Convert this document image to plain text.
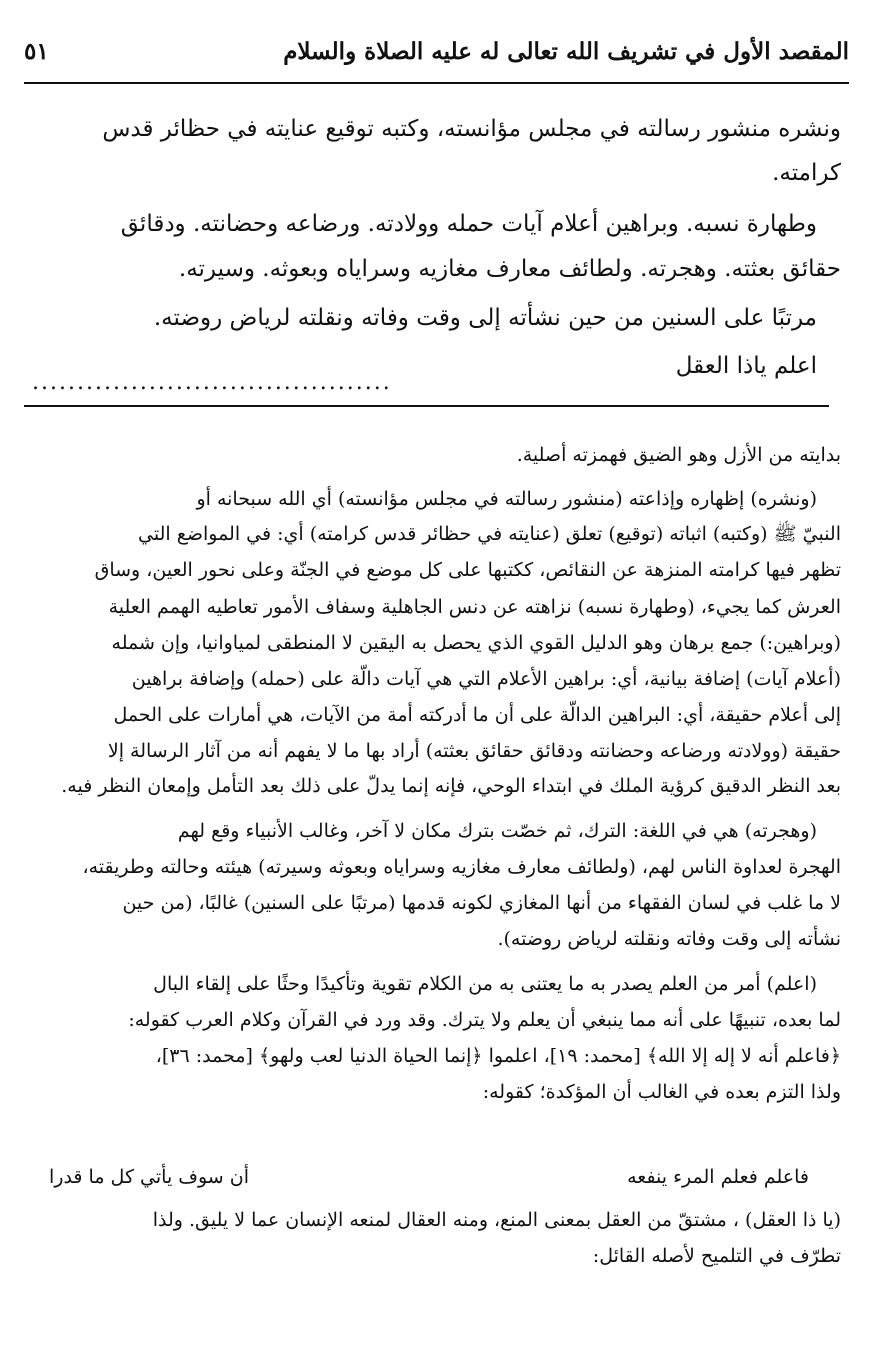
المقصد الأول في تشريف الله تعالى له عليه الصلاة والسلام
٥١
ونشره منشور رسالته في مجلس مؤانسته، وكتبه توقيع عنايته في حظائر قدس
كرامته.
وطهارة نسبه. وبراهين أعلام آيات حمله وولادته. ورضاعه وحضانته. ودقائق
حقائق بعثته. وهجرته. ولطائف معارف مغازيه وسراياه وبعوثه. وسيرته.
مرتبًا على السنين من حين نشأته إلى وقت وفاته ونقلته لرياض روضته.
اعلم ياذا العقل
........................................
بدايته من الأزل وهو الضيق فهمزته أصلية.
(ونشره) إظهاره وإذاعته (منشور رسالته في مجلس مؤانسته) أي الله سبحانه أو
النبيّ ﷺ (وكتبه) اثباته (توقيع) تعلق (عنايته في حظائر قدس كرامته) أي: في المواضع التي
تظهر فيها كرامته المنزهة عن النقائص، ككتبها على كل موضع في الجنّة وعلى نحور العين، وساق
العرش كما يجيء، (وطهارة نسبه) نزاهته عن دنس الجاهلية وسفاف الأمور تعاطيه الهمم العلية
(وبراهين:) جمع برهان وهو الدليل القوي الذي يحصل به اليقين لا المنطقى لمياوانيا، وإن شمله
(أعلام آيات) إضافة بيانية، أي: براهين الأعلام التي هي آيات دالّة على (حمله) وإضافة براهين
إلى أعلام حقيقة، أي: البراهين الدالّة على أن ما أدركته أمة من الآيات، هي أمارات على الحمل
حقيقة (وولادته ورضاعه وحضانته ودقائق حقائق بعثته) أراد بها ما لا يفهم أنه من آثار الرسالة إلا
بعد النظر الدقيق كرؤية الملك في ابتداء الوحي، فإنه إنما يدلّ على ذلك بعد التأمل وإمعان النظر فيه.
(وهجرته) هي في اللغة: الترك، ثم خصّت بترك مكان لا آخر، وغالب الأنبياء وقع لهم
الهجرة لعداوة الناس لهم، (ولطائف معارف مغازيه وسراياه وبعوثه وسيرته) هيئته وحالته وطريقته،
لا ما غلب في لسان الفقهاء من أنها المغازي لكونه قدمها (مرتبًا على السنين) غالبًا، (من حين
نشأته إلى وقت وفاته ونقلته لرياض روضته).
(اعلم) أمر من العلم يصدر به ما يعتنى به من الكلام تقوية وتأكيدًا وحثًا على إلقاء البال
لما بعده، تنبيهًا على أنه مما ينبغي أن يعلم ولا يترك. وقد ورد في القرآن وكلام العرب كقوله:
﴿فاعلم أنه لا إله إلا الله﴾ [محمد: ١٩]، اعلموا ﴿إنما الحياة الدنيا لعب ولهو﴾ [محمد: ٣٦]،
ولذا التزم بعده في الغالب أن المؤكدة؛ كقوله:
فاعلم فعلم المرء ينفعه
أن سوف يأتي كل ما قدرا
(يا ذا العقل) ، مشتقّ من العقل بمعنى المنع، ومنه العقال لمنعه الإنسان عما لا يليق. ولذا
تطرّف في التلميح لأصله القائل:
